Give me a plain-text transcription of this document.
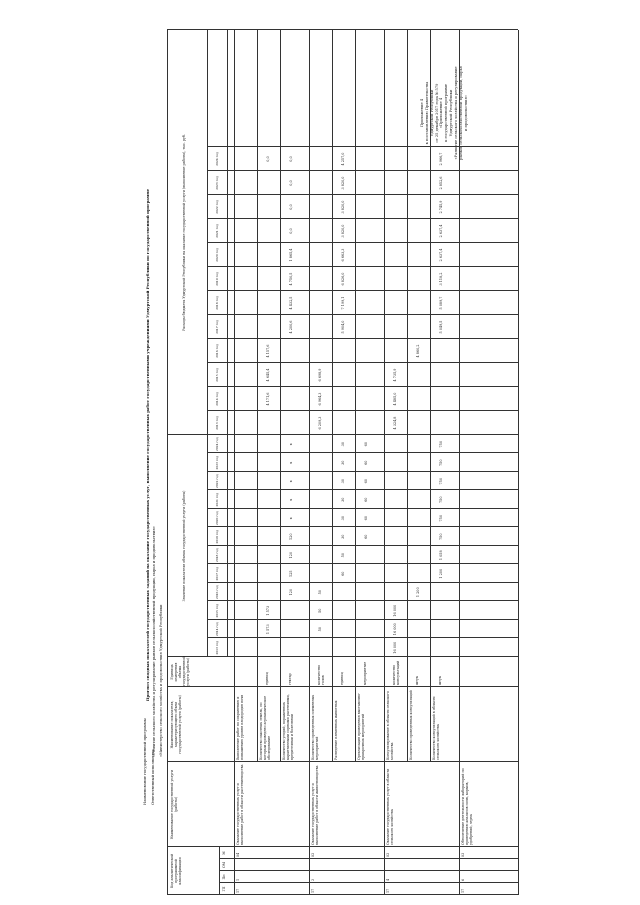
Приложение 4 к постановлению Правительства Удмуртской Республики от 25 декабря 2017 года № 579 «Приложение 4 к государственной программе Удмуртской Республики «Развитие сельского хозяйства и регулирование рынков сельскохозяйственной продукции, сырья и продовольствия»
Наименование государственной программы Ответственный исполнитель
Прогноз сводных показателей государственных заданий на оказание государственных услуг, выполнение государственных работ государственными учреждениями Удмуртской Республики по государственной программе «Развитие сельского хозяйства и регулирование рынков сельскохозяйственной продукции, сырья и продовольствия» «Министерство сельского хозяйства и продовольствия Удмуртской Республики
Код аналитической программной классификации
ГП
Пп
ОМ
М
Наименование государственной услуги (работы)
Наименование показателя, характеризующего объем государственной услуги (работы)
Единица измерения объема государственной услуги (работы)
Значение показателя объема государственной услуги (работы)
Расходы бюджета Удмуртской Республики на оказание государственной услуги (выполнение работы), тыс. руб.
2013 год
2013 год
2014 год
2014 год
2015 год
2015 год
2016 год
2016 год
2017 год
2017 год
2018 год
2018 год
2019 год
2019 год
2020 год
2020 год
2021 год
2021 год
2022 год
2022 год
2023 год
2023 год
2024 год
2024 год
17
1
04
Оказание государственных услуг и выполнение работ в области растениеводства
Выполнение работ по сохранению и повышению уровня плодородия почв	Количество пахотных земель, по которым проведено агрохимическое обследование
единиц
1 573
4 171,6
1 573
4 645,4
4 157,6
0,0
Количество угодий, пораженных карантинными сорными растениями, вредителями и болезнями
гектар
120
125
4 200,6
120
4 432,5
120
4 750,5
х
1 865,4
х
0,0
х
0,0
х
0,0
х
0,0
17
2
02
Оказание государственных услуг и выполнение работ в области животноводства
Количество проведенных племенных мероприятий
количество голов
6 209,3
50
6 964,3
50
6 698,9
50
Разведение племенных животных
единиц
60
5 904,0
50
7 199,1
30
6 826,0
30
6 663,3
30
3 820,0
30
3 820,0
30
3 820,0
30
4 257,0
Организация проведения выставочно-ярмарочных мероприятий
мероприятие
60
60
60
60
60
60
17
4
02
Оказание государственных услуг в области сельского хозяйства
Консультирование в области сельского хозяйства
количество консультаций
16 000
4 324,8
16 000
4 485,0
16 000
4 735,9
Количество проведенных консультаций
штук
1 200
4 860,2
Количество консультаций в области сельского хозяйства
штук
1 200
5 049,5
1 058
5 089,7
750
3 118,2
750
2 637,4
750
2 637,4
750
2 745,9
750
2 852,6
750
2 966,7
17
6
03
Обеспечение деятельности лабораторий по проведению анализов почв, кормов, удобрений, зерна
